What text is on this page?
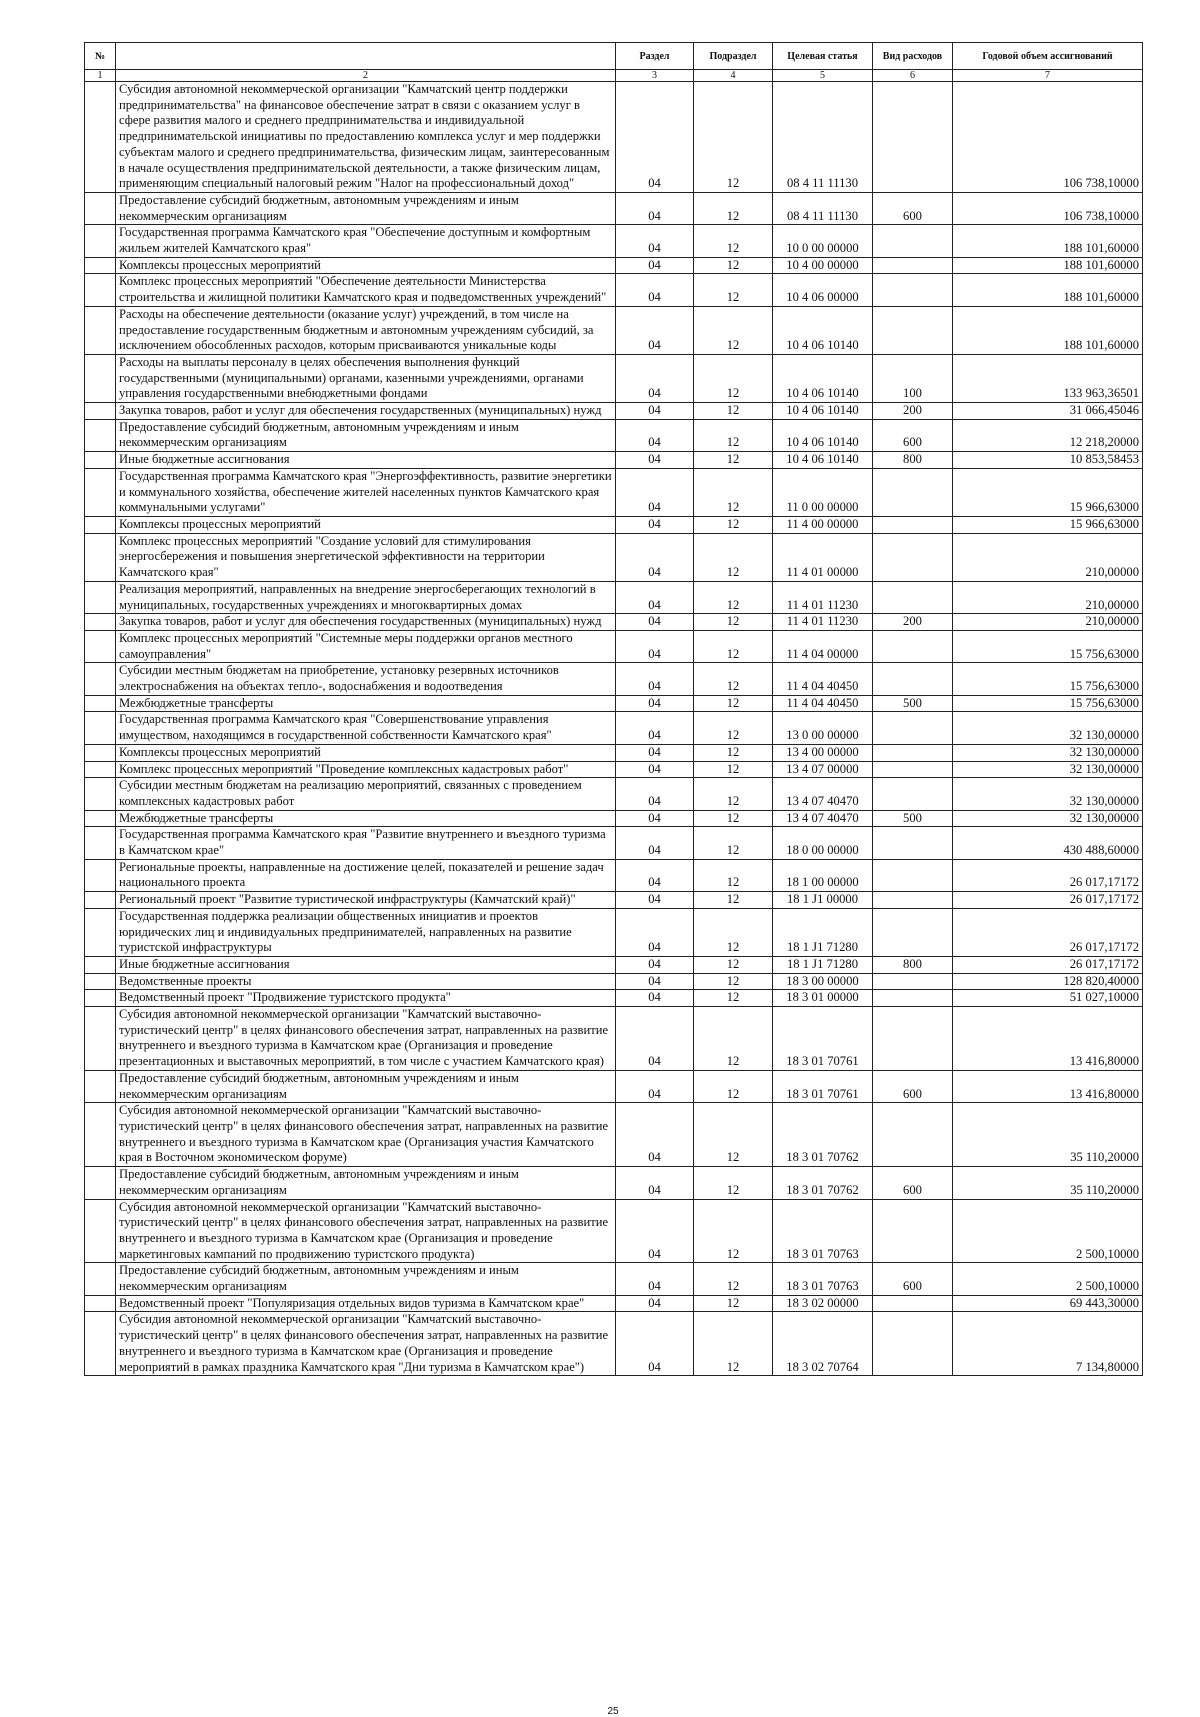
№		Раздел	Подраздел	Целевая статья	Вид расходов	Годовой объем ассигнований
1	2	3	4	5	6	7
	Субсидия автономной некоммерческой организации "Камчатский центр поддержки предпринимательства" на финансовое обеспечение затрат в связи с оказанием услуг в сфере развития малого и среднего предпринимательства и индивидуальной предпринимательской инициативы по предоставлению комплекса услуг и мер поддержки субъектам малого и среднего предпринимательства, физическим лицам, заинтересованным в начале осуществления предпринимательской деятельности, а также физическим лицам, применяющим специальный налоговый режим "Налог на профессиональный доход"	04	12	08 4 11 11130		106 738,10000
	Предоставление субсидий бюджетным, автономным учреждениям и иным некоммерческим организациям	04	12	08 4 11 11130	600	106 738,10000
	Государственная программа Камчатского края "Обеспечение доступным и комфортным жильем жителей Камчатского края"	04	12	10 0 00 00000		188 101,60000
	Комплексы процессных мероприятий	04	12	10 4 00 00000		188 101,60000
	Комплекс процессных мероприятий "Обеспечение деятельности Министерства строительства и жилищной политики Камчатского края и подведомственных учреждений"	04	12	10 4 06 00000		188 101,60000
	Расходы на обеспечение деятельности (оказание услуг) учреждений, в том числе на предоставление государственным бюджетным и автономным учреждениям субсидий, за исключением обособленных расходов, которым присваиваются уникальные коды	04	12	10 4 06 10140		188 101,60000
	Расходы на выплаты персоналу в целях обеспечения выполнения функций государственными (муниципальными) органами, казенными учреждениями, органами управления государственными внебюджетными фондами	04	12	10 4 06 10140	100	133 963,36501
	Закупка товаров, работ и услуг для обеспечения государственных (муниципальных) нужд	04	12	10 4 06 10140	200	31 066,45046
	Предоставление субсидий бюджетным, автономным учреждениям и иным некоммерческим организациям	04	12	10 4 06 10140	600	12 218,20000
	Иные бюджетные ассигнования	04	12	10 4 06 10140	800	10 853,58453
	Государственная программа Камчатского края "Энергоэффективность, развитие энергетики и коммунального хозяйства, обеспечение жителей населенных пунктов Камчатского края коммунальными услугами"	04	12	11 0 00 00000		15 966,63000
	Комплексы процессных мероприятий	04	12	11 4 00 00000		15 966,63000
	Комплекс процессных мероприятий "Создание условий для стимулирования энергосбережения и повышения энергетической эффективности на территории Камчатского края"	04	12	11 4 01 00000		210,00000
	Реализация мероприятий, направленных на внедрение энергосберегающих технологий в муниципальных, государственных учреждениях и многоквартирных домах	04	12	11 4 01 11230		210,00000
	Закупка товаров, работ и услуг для обеспечения государственных (муниципальных) нужд	04	12	11 4 01 11230	200	210,00000
	Комплекс процессных мероприятий "Системные меры поддержки органов местного самоуправления"	04	12	11 4 04 00000		15 756,63000
	Субсидии местным бюджетам на приобретение, установку резервных источников электроснабжения на объектах тепло-, водоснабжения и водоотведения	04	12	11 4 04 40450		15 756,63000
	Межбюджетные трансферты	04	12	11 4 04 40450	500	15 756,63000
	Государственная программа Камчатского края "Совершенствование управления имуществом, находящимся в государственной собственности Камчатского края"	04	12	13 0 00 00000		32 130,00000
	Комплексы процессных мероприятий	04	12	13 4 00 00000		32 130,00000
	Комплекс процессных мероприятий "Проведение комплексных кадастровых работ"	04	12	13 4 07 00000		32 130,00000
	Субсидии местным бюджетам на реализацию мероприятий, связанных с проведением комплексных кадастровых работ	04	12	13 4 07 40470		32 130,00000
	Межбюджетные трансферты	04	12	13 4 07 40470	500	32 130,00000
	Государственная программа Камчатского края "Развитие внутреннего и въездного туризма в Камчатском крае"	04	12	18 0 00 00000		430 488,60000
	Региональные проекты, направленные на достижение целей, показателей и решение задач национального проекта	04	12	18 1 00 00000		26 017,17172
	Региональный проект "Развитие туристической инфраструктуры (Камчатский край)"	04	12	18 1 J1 00000		26 017,17172
	Государственная поддержка реализации общественных инициатив и проектов юридических лиц и индивидуальных предпринимателей, направленных на развитие туристской инфраструктуры	04	12	18 1 J1 71280		26 017,17172
	Иные бюджетные ассигнования	04	12	18 1 J1 71280	800	26 017,17172
	Ведомственные проекты	04	12	18 3 00 00000		128 820,40000
	Ведомственный проект "Продвижение туристского продукта"	04	12	18 3 01 00000		51 027,10000
	Субсидия автономной некоммерческой организации "Камчатский выставочно-туристический центр" в целях финансового обеспечения затрат, направленных на развитие внутреннего и въездного туризма в Камчатском крае (Организация и проведение презентационных и выставочных мероприятий, в том числе с участием Камчатского края)	04	12	18 3 01 70761		13 416,80000
	Предоставление субсидий бюджетным, автономным учреждениям и иным некоммерческим организациям	04	12	18 3 01 70761	600	13 416,80000
	Субсидия автономной некоммерческой организации "Камчатский выставочно-туристический центр" в целях финансового обеспечения затрат, направленных на развитие внутреннего и въездного туризма в Камчатском крае (Организация участия Камчатского края в Восточном экономическом форуме)	04	12	18 3 01 70762		35 110,20000
	Предоставление субсидий бюджетным, автономным учреждениям и иным некоммерческим организациям	04	12	18 3 01 70762	600	35 110,20000
	Субсидия автономной некоммерческой организации "Камчатский выставочно-туристический центр" в целях финансового обеспечения затрат, направленных на развитие внутреннего и въездного туризма в Камчатском крае (Организация и проведение маркетинговых кампаний по продвижению туристского продукта)	04	12	18 3 01 70763		2 500,10000
	Предоставление субсидий бюджетным, автономным учреждениям и иным некоммерческим организациям	04	12	18 3 01 70763	600	2 500,10000
	Ведомственный проект "Популяризация отдельных видов туризма в Камчатском крае"	04	12	18 3 02 00000		69 443,30000
	Субсидия автономной некоммерческой организации "Камчатский выставочно-туристический центр" в целях финансового обеспечения затрат, направленных на развитие внутреннего и въездного туризма в Камчатском крае (Организация и проведение мероприятий в рамках праздника Камчатского края "Дни туризма в Камчатском крае")	04	12	18 3 02 70764		7 134,80000
25
